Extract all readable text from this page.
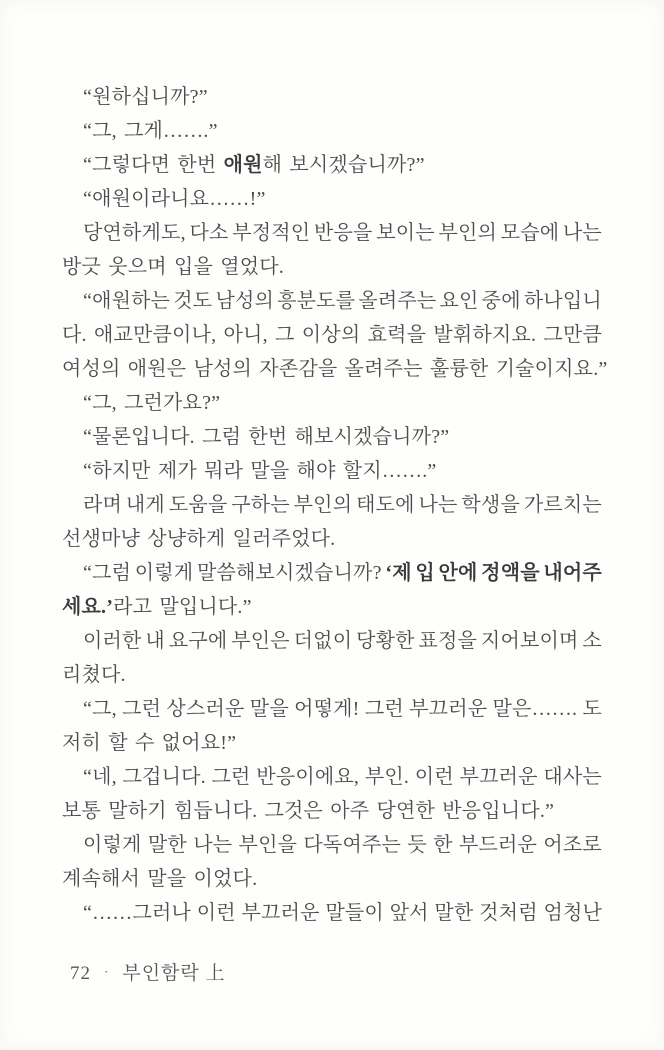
“원하십니까?”
“그, 그게…….”
“그렇다면 한번 애원해 보시겠습니까?”
“애원이라니요……!”
당연하게도, 다소 부정적인 반응을 보이는 부인의 모습에 나는
방긋 웃으며 입을 열었다.
“애원하는 것도 남성의 흥분도를 올려주는 요인 중에 하나입니
다. 애교만큼이나, 아니, 그 이상의 효력을 발휘하지요. 그만큼
여성의 애원은 남성의 자존감을 올려주는 훌륭한 기술이지요.”
“그, 그런가요?”
“물론입니다. 그럼 한번 해보시겠습니까?”
“하지만 제가 뭐라 말을 해야 할지…….”
라며 내게 도움을 구하는 부인의 태도에 나는 학생을 가르치는
선생마냥 상냥하게 일러주었다.
“그럼 이렇게 말씀해보시겠습니까? ‘제 입 안에 정액을 내어주
세요.’라고 말입니다.”
이러한 내 요구에 부인은 더없이 당황한 표정을 지어보이며 소
리쳤다.
“그, 그런 상스러운 말을 어떻게! 그런 부끄러운 말은……. 도
저히 할 수 없어요!”
“네, 그겁니다. 그런 반응이에요, 부인. 이런 부끄러운 대사는
보통 말하기 힘듭니다. 그것은 아주 당연한 반응입니다.”
이렇게 말한 나는 부인을 다독여주는 듯 한 부드러운 어조로
계속해서 말을 이었다.
“……그러나 이런 부끄러운 말들이 앞서 말한 것처럼 엄청난
72 · 부인함락 上
